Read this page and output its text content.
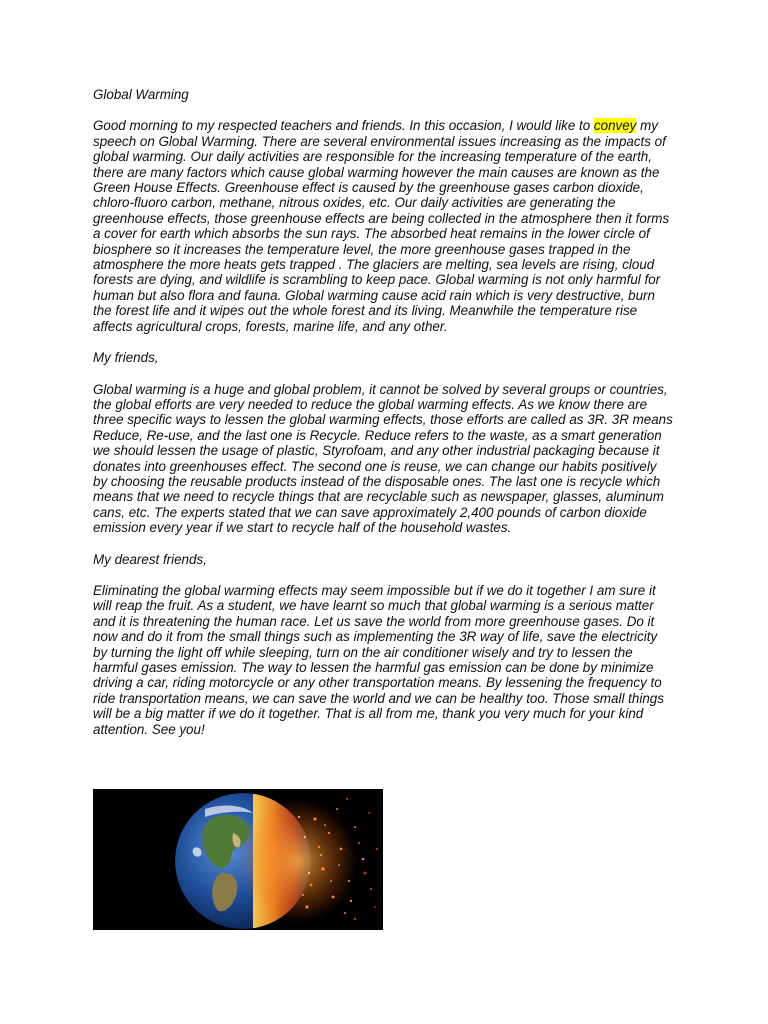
Global Warming

Good morning to my respected teachers and friends. In this occasion, I would like to convey my speech on Global Warming. There are several environmental issues increasing as the impacts of global warming. Our daily activities are responsible for the increasing temperature of the earth, there are many factors which cause global warming however the main causes are known as the Green House Effects. Greenhouse effect is caused by the greenhouse gases carbon dioxide, chloro-fluoro carbon, methane, nitrous oxides, etc. Our daily activities are generating the greenhouse effects, those greenhouse effects are being collected in the atmosphere then it forms a cover for earth which absorbs the sun rays. The absorbed heat remains in the lower circle of biosphere so it increases the temperature level, the more greenhouse gases trapped in the atmosphere the more heats gets trapped . The glaciers are melting, sea levels are rising, cloud forests are dying, and wildlife is scrambling to keep pace. Global warming is not only harmful for human but also flora and fauna. Global warming cause acid rain which is very destructive, burn the forest life and it wipes out the whole forest and its living. Meanwhile the temperature rise affects agricultural crops, forests, marine life, and any other.

My friends,

Global warming is a huge and global problem, it cannot be solved by several groups or countries, the global efforts are very needed to reduce the global warming effects. As we know there are three specific ways to lessen the global warming effects, those efforts are called as 3R. 3R means Reduce, Re-use, and the last one is Recycle. Reduce refers to the waste, as a smart generation we should lessen the usage of plastic, Styrofoam, and any other industrial packaging because it donates into greenhouses effect. The second one is reuse, we can change our habits positively by choosing the reusable products instead of the disposable ones. The last one is recycle which means that we need to recycle things that are recyclable such as newspaper, glasses, aluminum cans, etc. The experts stated that we can save approximately 2,400 pounds of carbon dioxide emission every year if we start to recycle half of the household wastes.

My dearest friends,

Eliminating the global warming effects may seem impossible but if we do it together I am sure it will reap the fruit. As a student, we have learnt so much that global warming is a serious matter and it is threatening the human race. Let us save the world from more greenhouse gases. Do it now and do it from the small things such as implementing the 3R way of life, save the electricity by turning the light off while sleeping, turn on the air conditioner wisely and try to lessen the harmful gases emission. The way to lessen the harmful gas emission can be done by minimize driving a car, riding motorcycle or any other transportation means. By lessening the frequency to ride transportation means, we can save the world and we can be healthy too. Those small things will be a big matter if we do it together. That is all from me, thank you very much for your kind attention. See you!
